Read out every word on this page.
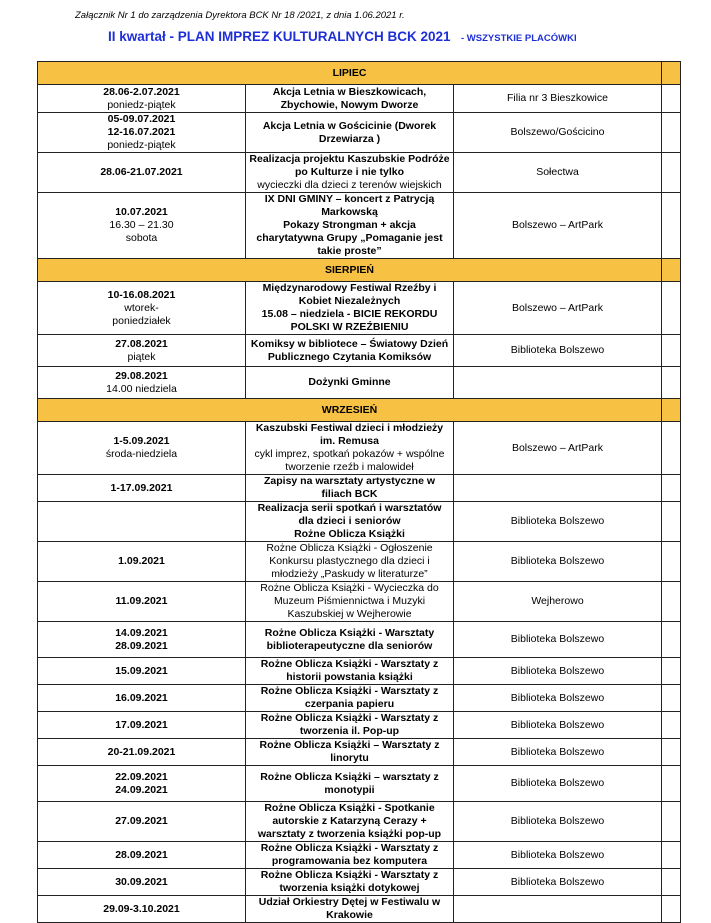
Załącznik Nr 1 do zarządzenia Dyrektora BCK Nr 18 /2021, z dnia 1.06.2021 r.
II kwartał - PLAN IMPREZ KULTURALNYCH BCK 2021 - WSZYSTKIE PLACÓWKI
LIPIEC			

28.06-2.07.2021
poniedz-piątek	Akcja Letnia w Bieszkowicach, Zbychowie, Nowym Dworze	Filia nr 3 Bieszkowice	

05-09.07.2021
12-16.07.2021
poniedz-piątek	Akcja Letnia w Gościcinie (Dworek Drzewiarza )	Bolszewo/Gościcino	

28.06-21.07.2021	Realizacja projektu Kaszubskie Podróże po Kulturze i nie tylko
wycieczki dla dzieci z terenów wiejskich	Sołectwa	

10.07.2021
16.30 – 21.30
sobota	IX DNI GMINY – koncert z Patrycją Markowską
Pokazy Strongman + akcja charytatywna Grupy „Pomaganie jest takie proste”	Bolszewo – ArtPark	

SIERPIEŃ			

10-16.08.2021
wtorek-
poniedziałek	Międzynarodowy Festiwal Rzeźby i Kobiet Niezależnych
15.08 – niedziela - BICIE REKORDU POLSKI W RZEŹBIENIU	Bolszewo – ArtPark	

27.08.2021
piątek	Komiksy w bibliotece – Światowy Dzień Publicznego Czytania Komiksów	Biblioteka Bolszewo	

29.08.2021
14.00 niedziela	Dożynki Gminne		

WRZESIEŃ			

1-5.09.2021
środa-niedziela	Kaszubski Festiwal dzieci i młodzieży im. Remusa
cykl imprez, spotkań pokazów + wspólne tworzenie rzeźb i malowideł	Bolszewo – ArtPark	

1-17.09.2021	Zapisy na warsztaty artystyczne w filiach BCK		

	Realizacja serii spotkań i warsztatów dla dzieci i seniorów
Rożne Oblicza Książki	Biblioteka Bolszewo	

1.09.2021	Rożne Oblicza Książki - Ogłoszenie Konkursu plastycznego dla dzieci i młodzieży „Paskudy w literaturze”	Biblioteka Bolszewo	

11.09.2021	Rożne Oblicza Książki - Wycieczka do Muzeum Piśmiennictwa i Muzyki Kaszubskiej w Wejherowie	Wejherowo	

14.09.2021
28.09.2021	Rożne Oblicza Książki - Warsztaty biblioterapeutyczne dla seniorów	Biblioteka Bolszewo	

15.09.2021	Rożne Oblicza Książki - Warsztaty z historii powstania książki	Biblioteka Bolszewo	

16.09.2021	Rożne Oblicza Książki - Warsztaty z czerpania papieru	Biblioteka Bolszewo	

17.09.2021	Rożne Oblicza Książki - Warsztaty z tworzenia il. Pop-up	Biblioteka Bolszewo	

20-21.09.2021	Rożne Oblicza Książki – Warsztaty z linorytu	Biblioteka Bolszewo	

22.09.2021
24.09.2021	Rożne Oblicza Książki – warsztaty z monotypii	Biblioteka Bolszewo	

27.09.2021	Rożne Oblicza Książki - Spotkanie autorskie z Katarzyną Cerazy + warsztaty z tworzenia książki pop-up	Biblioteka Bolszewo	

28.09.2021	Rożne Oblicza Książki - Warsztaty z programowania bez komputera	Biblioteka Bolszewo	

30.09.2021	Rożne Oblicza Książki - Warsztaty z tworzenia książki dotykowej	Biblioteka Bolszewo	

29.09-3.10.2021	Udział Orkiestry Dętej w Festiwalu w Krakowie		
